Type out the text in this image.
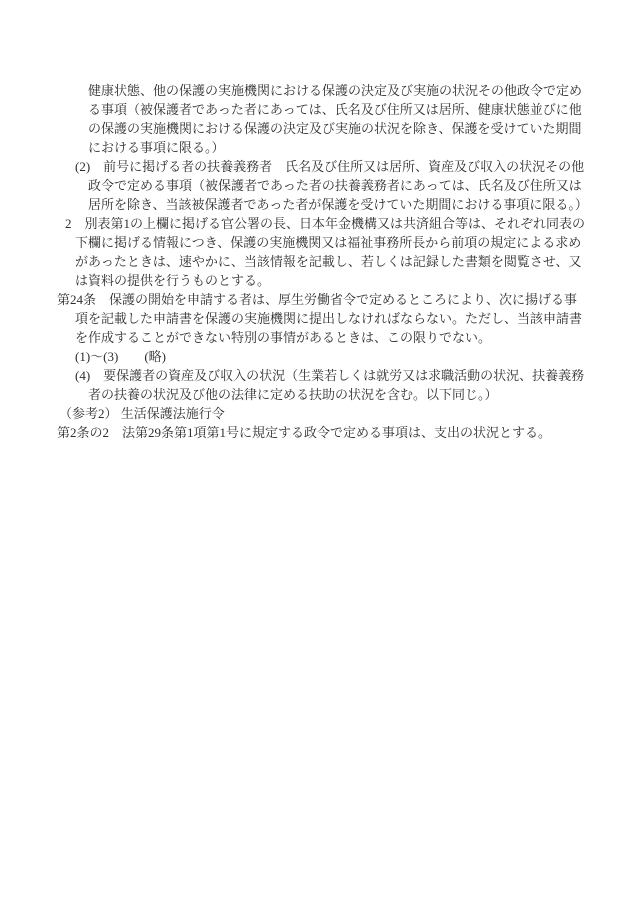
健康状態、他の保護の実施機関における保護の決定及び実施の状況その他政令で定め
る事項（被保護者であった者にあっては、氏名及び住所又は居所、健康状態並びに他
の保護の実施機関における保護の決定及び実施の状況を除き、保護を受けていた期間
における事項に限る。）
(2)　前号に掲げる者の扶養義務者　氏名及び住所又は居所、資産及び収入の状況その他
政令で定める事項（被保護者であった者の扶養義務者にあっては、氏名及び住所又は
居所を除き、当該被保護者であった者が保護を受けていた期間における事項に限る。）
2　別表第1の上欄に掲げる官公署の長、日本年金機構又は共済組合等は、それぞれ同表の
下欄に掲げる情報につき、保護の実施機関又は福祉事務所長から前項の規定による求め
があったときは、速やかに、当該情報を記載し、若しくは記録した書類を閲覧させ、又
は資料の提供を行うものとする。
第24条　保護の開始を申請する者は、厚生労働省令で定めるところにより、次に揚げる事
項を記載した申請書を保護の実施機関に提出しなければならない。ただし、当該申請書
を作成することができない特別の事情があるときは、この限りでない。
(1)～(3)　　(略)
(4)　要保護者の資産及び収入の状況（生業若しくは就労又は求職活動の状況、扶養義務
者の扶養の状況及び他の法律に定める扶助の状況を含む。以下同じ。）
（参考2） 生活保護法施行令
第2条の2　法第29条第1項第1号に規定する政令で定める事項は、支出の状況とする。
